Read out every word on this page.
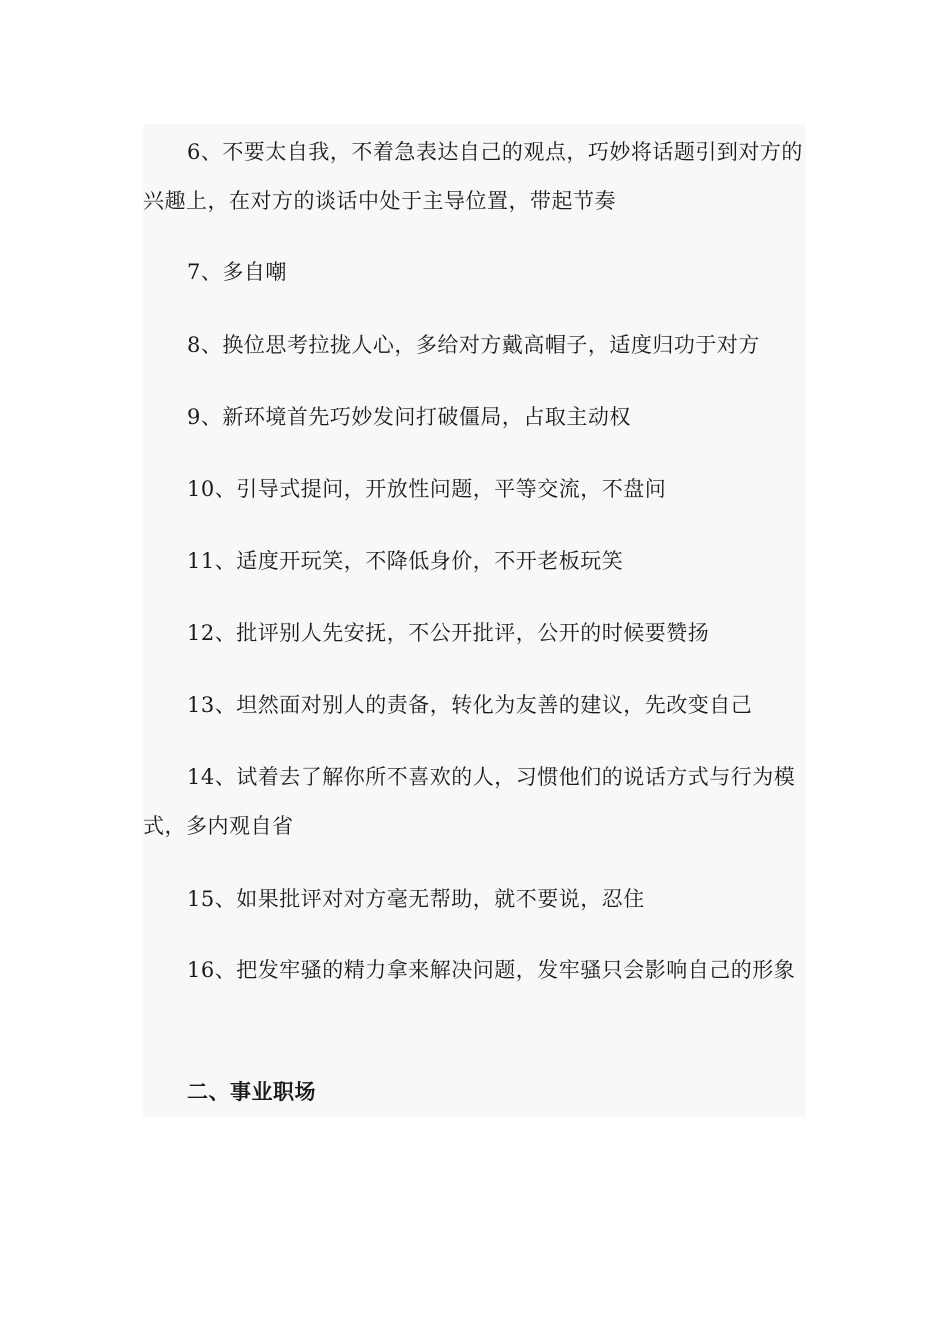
6、不要太自我，不着急表达自己的观点，巧妙将话题引到对方的兴趣上，在对方的谈话中处于主导位置，带起节奏

7、多自嘲

8、换位思考拉拢人心，多给对方戴高帽子，适度归功于对方

9、新环境首先巧妙发问打破僵局，占取主动权

10、引导式提问，开放性问题，平等交流，不盘问

11、适度开玩笑，不降低身价，不开老板玩笑

12、批评别人先安抚，不公开批评，公开的时候要赞扬

13、坦然面对别人的责备，转化为友善的建议，先改变自己

14、试着去了解你所不喜欢的人，习惯他们的说话方式与行为模式，多内观自省

15、如果批评对对方毫无帮助，就不要说，忍住

16、把发牢骚的精力拿来解决问题，发牢骚只会影响自己的形象

二、事业职场
